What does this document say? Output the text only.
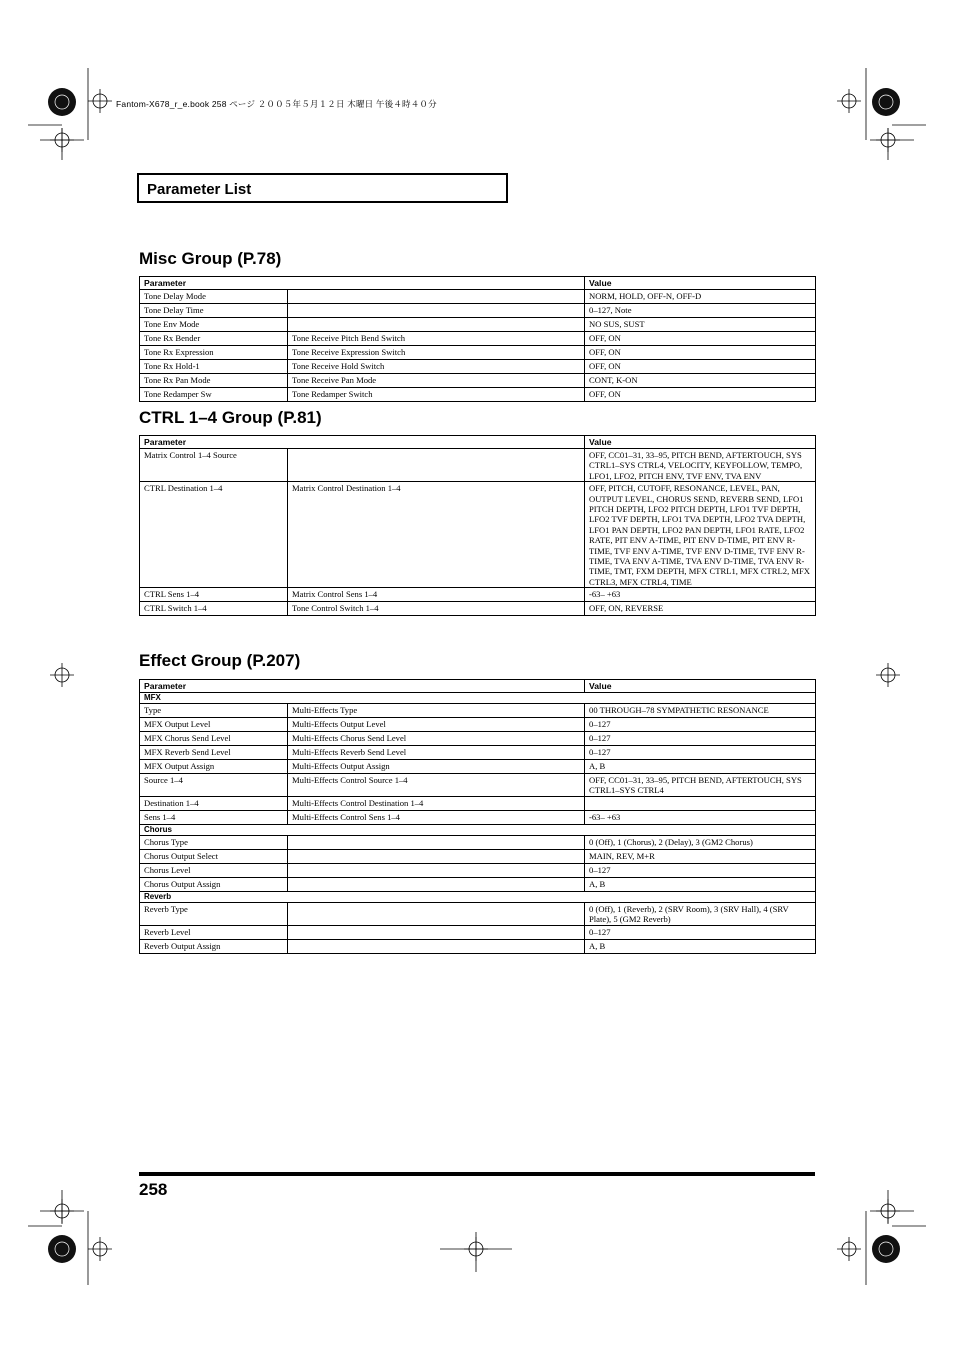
Fantom-X678_r_e.book 258 ページ ２００５年５月１２日 木曜日 午後４時４０分
Parameter List
Misc Group (P.78)
Parameter		Value
Tone Delay Mode		NORM, HOLD, OFF-N, OFF-D
Tone Delay Time		0–127, Note
Tone Env Mode		NO SUS, SUST
Tone Rx Bender	Tone Receive Pitch Bend Switch	OFF, ON
Tone Rx Expression	Tone Receive Expression Switch	OFF, ON
Tone Rx Hold-1	Tone Receive Hold Switch	OFF, ON
Tone Rx Pan Mode	Tone Receive Pan Mode	CONT, K-ON
Tone Redamper Sw	Tone Redamper Switch	OFF, ON
CTRL 1–4 Group (P.81)
Parameter		Value
Matrix Control 1–4 Source		OFF, CC01–31, 33–95, PITCH BEND, AFTERTOUCH, SYS CTRL1–SYS CTRL4, VELOCITY, KEYFOLLOW, TEMPO, LFO1, LFO2, PITCH ENV, TVF ENV, TVA ENV
CTRL Destination 1–4	Matrix Control Destination 1–4	OFF, PITCH, CUTOFF, RESONANCE, LEVEL, PAN, OUTPUT LEVEL, CHORUS SEND, REVERB SEND, LFO1 PITCH DEPTH, LFO2 PITCH DEPTH, LFO1 TVF DEPTH, LFO2 TVF DEPTH, LFO1 TVA DEPTH, LFO2 TVA DEPTH, LFO1 PAN DEPTH, LFO2 PAN DEPTH, LFO1 RATE, LFO2 RATE, PIT ENV A-TIME, PIT ENV D-TIME, PIT ENV R-TIME, TVF ENV A-TIME, TVF ENV D-TIME, TVF ENV R-TIME, TVA ENV A-TIME, TVA ENV D-TIME, TVA ENV R-TIME, TMT, FXM DEPTH, MFX CTRL1, MFX CTRL2, MFX CTRL3, MFX CTRL4, TIME
CTRL Sens 1–4	Matrix Control Sens 1–4	-63– +63
CTRL Switch 1–4	Tone Control Switch 1–4	OFF, ON, REVERSE
Effect Group (P.207)
Parameter		Value
MFX		
Type	Multi-Effects Type	00 THROUGH–78 SYMPATHETIC RESONANCE
MFX Output Level	Multi-Effects Output Level	0–127
MFX Chorus Send Level	Multi-Effects Chorus Send Level	0–127
MFX Reverb Send Level	Multi-Effects Reverb Send Level	0–127
MFX Output Assign	Multi-Effects Output Assign	A, B
Source 1–4	Multi-Effects Control Source 1–4	OFF, CC01–31, 33–95, PITCH BEND, AFTERTOUCH, SYS CTRL1–SYS CTRL4
Destination 1–4	Multi-Effects Control Destination 1–4	
Sens 1–4	Multi-Effects Control Sens 1–4	-63– +63
Chorus		
Chorus Type		0 (Off), 1 (Chorus), 2 (Delay), 3 (GM2 Chorus)
Chorus Output Select		MAIN, REV, M+R
Chorus Level		0–127
Chorus Output Assign		A, B
Reverb		
Reverb Type		0 (Off), 1 (Reverb), 2 (SRV Room), 3 (SRV Hall), 4 (SRV Plate), 5 (GM2 Reverb)
Reverb Level		0–127
Reverb Output Assign		A, B
258
